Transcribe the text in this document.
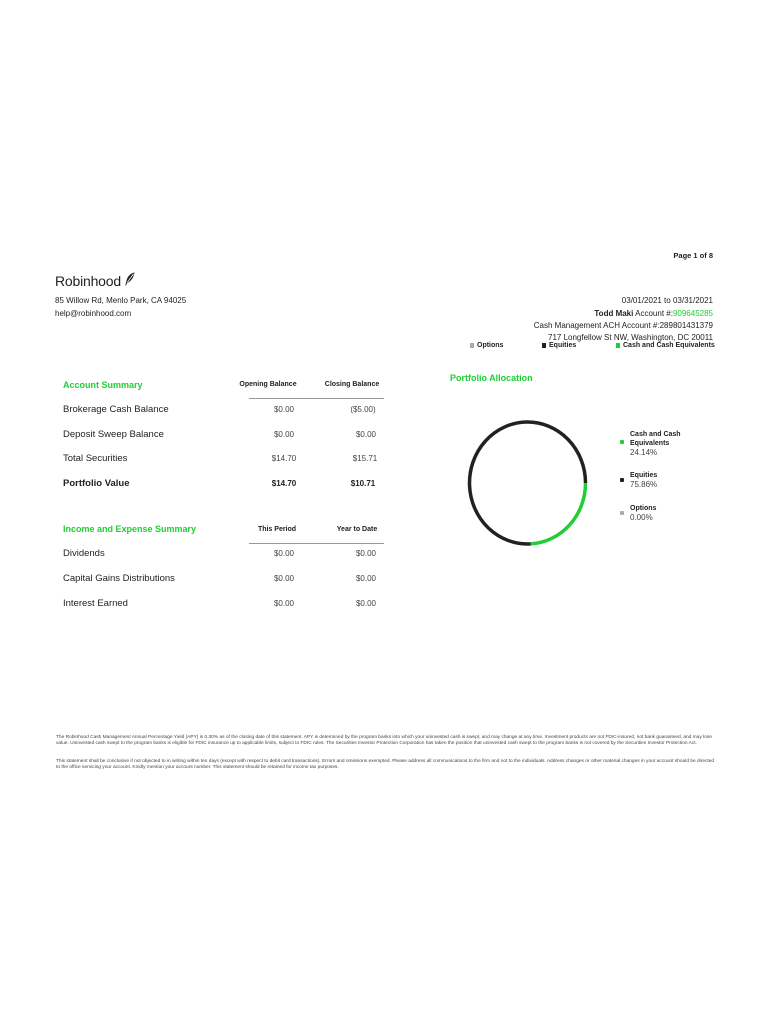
Page 1 of 8
Robinhood
85 Willow Rd, Menlo Park, CA 94025
help@robinhood.com
03/01/2021 to 03/31/2021
Todd Maki Account #:909645285
Cash Management ACH Account #:289801431379
717 Longfellow St NW, Washington, DC 20011
Options	Equities	Cash and Cash Equivalents
Account Summary	Opening Balance	Closing Balance
Brokerage Cash Balance	$0.00	($5.00)
Deposit Sweep Balance	$0.00	$0.00
Total Securities	$14.70	$15.71
Portfolio Value	$14.70	$10.71
Income and Expense Summary	This Period	Year to Date
Dividends	$0.00	$0.00
Capital Gains Distributions	$0.00	$0.00
Interest Earned	$0.00	$0.00
Portfolio Allocation
Cash and Cash
Equivalents
24.14%
Equities
75.86%
Options
0.00%
The Robinhood Cash Management Annual Percentage Yield (APY) is 0.30% as of the closing date of this statement. APY is determined by the program banks into which your uninvested cash is swept, and may change at any time. Investment products are not FDIC-insured, not bank guaranteed, and may lose value. Uninvested cash swept to the program banks is eligible for FDIC insurance up to applicable limits, subject to FDIC rules. The Securities Investor Protection Corporation has taken the position that uninvested cash swept to the program banks is not covered by the Securities Investor Protection Act.
This statement shall be conclusive if not objected to in writing within ten days (except with respect to debit card transactions). Errors and omissions exempted. Please address all communications to the firm and not to the individuals. Address changes or other material changes in your account should be directed to the office servicing your account. Kindly mention your account number. This statement should be retained for income tax purposes.
